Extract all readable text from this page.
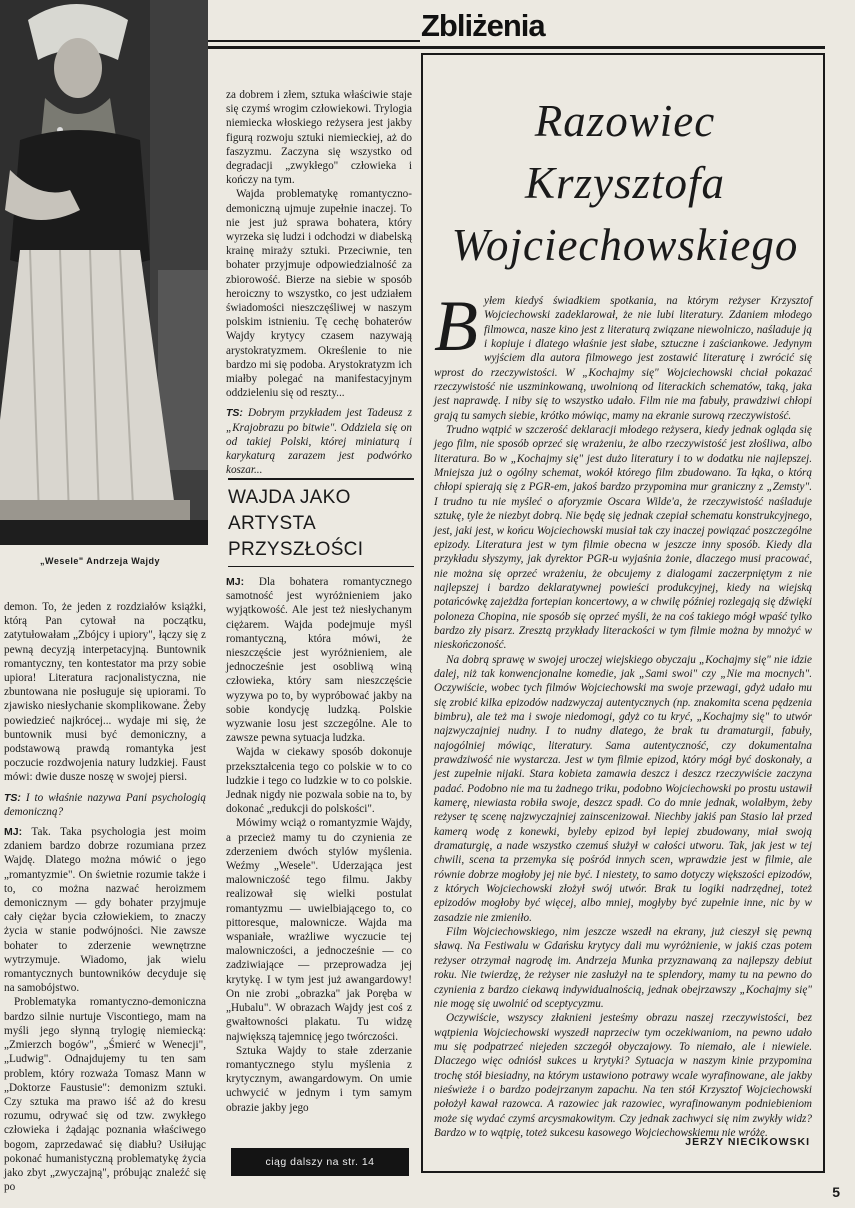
„Wesele" Andrzeja Wajdy
Zbliżenia

demon. To, że jeden z rozdziałów książki, którą Pan cytował na początku, zatytułowałam „Zbójcy i upiory", łączy się z pewną decyzją interpetacyjną. Buntownik romantyczny, ten kontestator ma przy sobie upiora! Literatura racjonalistyczna, nie zbuntowana nie posługuje się upiorami. To zjawisko niesłychanie skomplikowane. Żeby powiedzieć najkrócej... wydaje mi się, że buntownik musi być demoniczny, a podstawową prawdą romantyka jest poczucie rozdwojenia natury ludzkiej. Faust mówi: dwie dusze noszę w swojej piersi.

TS: I to właśnie nazywa Pani psychologią demoniczną?

MJ: Tak. Taka psychologia jest moim zdaniem bardzo dobrze rozumiana przez Wajdę. Dlatego można mówić o jego „romantyzmie". On świetnie rozumie także i to, co można nazwać heroizmem demonicznym — gdy bohater przyjmuje cały ciężar bycia człowiekiem, to znaczy życia w stanie podwójności. Nie zawsze bohater to zderzenie wewnętrzne wytrzymuje. Wiadomo, jak wielu romantycznych buntowników decyduje się na samobójstwo.

Problematyka romantyczno-demoniczna bardzo silnie nurtuje Viscontiego, mam na myśli jego słynną trylogię niemiecką: „Zmierzch bogów", „Śmierć w Wenecji", „Ludwig". Odnajdujemy tu ten sam problem, który rozważa Tomasz Mann w „Doktorze Faustusie": demonizm sztuki. Czy sztuka ma prawo iść aż do kresu rozumu, odrywać się od tzw. zwykłego człowieka i żądając poznania właściwego bogom, zaprzedawać się diabłu? Usiłując pokonać humanistyczną problematykę życia jako zbyt „zwyczajną", próbując znaleźć się po

za dobrem i złem, sztuka właściwie staje się czymś wrogim człowiekowi. Trylogia niemiecka włoskiego reżysera jest jakby figurą rozwoju sztuki niemieckiej, aż do faszyzmu. Zaczyna się wszystko od degradacji „zwykłego" człowieka i kończy na tym.

Wajda problematykę romantyczno-demoniczną ujmuje zupełnie inaczej. To nie jest już sprawa bohatera, który wyrzeka się ludzi i odchodzi w diabelską krainę miraży sztuki. Przeciwnie, ten bohater przyjmuje odpowiedzialność za zbiorowość. Bierze na siebie w sposób heroiczny to wszystko, co jest udziałem świadomości nieszczęśliwej w naszym polskim istnieniu. Tę cechę bohaterów Wajdy krytycy czasem nazywają arystokratyzmem. Określenie to nie bardzo mi się podoba. Arystokratyzm ich miałby polegać na manifestacyjnym oddzieleniu się od reszty...

TS: Dobrym przykładem jest Tadeusz z „Krajobrazu po bitwie". Oddziela się on od takiej Polski, której miniaturą i karykaturą zarazem jest podwórko koszar...

WAJDA JAKO
ARTYSTA
PRZYSZŁOŚCI

MJ: Dla bohatera romantycznego samotność jest wyróżnieniem jako wyjątkowość. Ale jest też niesłychanym ciężarem. Wajda podejmuje myśl romantyczną, która mówi, że nieszczęście jest wyróżnieniem, ale jednocześnie jest osobliwą winą człowieka, który sam nieszczęście wyzywa po to, by wypróbować jakby na sobie kondycję ludzką. Polskie wyzwanie losu jest szczególne. Ale to zawsze pewna sytuacja ludzka.

Wajda w ciekawy sposób dokonuje przekształcenia tego co polskie w to co ludzkie i tego co ludzkie w to co polskie. Jednak nigdy nie pozwala sobie na to, by dokonać „redukcji do polskości".

Mówimy wciąż o romantyzmie Wajdy, a przecież mamy tu do czynienia ze zderzeniem dwóch stylów myślenia. Weźmy „Wesele". Uderzająca jest malowniczość tego filmu. Jakby realizował się wielki postulat romantyzmu — uwielbiającego to, co pittoresque, malownicze. Wajda ma wspaniałe, wrażliwe wyczucie tej malowniczości, a jednocześnie — co zadziwiające — przeprowadza jej krytykę. I w tym jest już awangardowy! On nie zrobi „obrazka" jak Poręba w „Hubalu". W obrazach Wajdy jest coś z gwałtowności plakatu. Tu widzę największą tajemnicę jego twórczości.

Sztuka Wajdy to stałe zderzanie romantycznego stylu myślenia z krytycznym, awangardowym. On umie uchwycić w jednym i tym samym obrazie jakby jego

ciąg dalszy na str. 14
Razowiec
Krzysztofa
Wojciechowskiego

B yłem kiedyś świadkiem spotkania, na którym reżyser Krzysztof Wojciechowski zadeklarował, że nie lubi literatury. Zdaniem młodego filmowca, nasze kino jest z literaturą związane niewolniczo, naśladuje ją i kopiuje i dlatego właśnie jest słabe, sztuczne i zaściankowe. Jedynym wyjściem dla autora filmowego jest zostawić literaturę i zwrócić się wprost do rzeczywistości. W „Kochajmy się" Wojciechowski chciał pokazać rzeczywistość nie uszminkowaną, uwolnioną od literackich schematów, taką, jaka jest naprawdę. I niby się to wszystko udało. Film nie ma fabuły, prawdziwi chłopi grają tu samych siebie, krótko mówiąc, mamy na ekranie surową rzeczywistość.

Trudno wątpić w szczerość deklaracji młodego reżysera, kiedy jednak ogląda się jego film, nie sposób oprzeć się wrażeniu, że albo rzeczywistość jest złośliwa, albo literatura. Bo w „Kochajmy się" jest dużo literatury i to w dodatku nie najlepszej. Mniejsza już o ogólny schemat, wokół którego film zbudowano. Ta łąka, o którą chłopi spierają się z PGR-em, jakoś bardzo przypomina mur graniczny z „Zemsty". I trudno tu nie myśleć o aforyzmie Oscara Wilde'a, że rzeczywistość naśladuje sztukę, tyle że niezbyt dobrą. Nie będę się jednak czepiał schematu konstrukcyjnego, jest, jaki jest, w końcu Wojciechowski musiał tak czy inaczej powiązać poszczególne epizody. Literatura jest w tym filmie obecna w jeszcze inny sposób. Kiedy dla przykładu słyszymy, jak dyrektor PGR-u wyjaśnia żonie, dlaczego musi pracować, nie można się oprzeć wrażeniu, że obcujemy z dialogami zaczerpniętym z nie najlepszej i bardzo deklaratywnej powieści produkcyjnej, kiedy na wiejską potańcówkę zajeżdża fortepian koncertowy, a w chwilę później rozlegają się dźwięki poloneza Chopina, nie sposób się oprzeć myśli, że na coś takiego mógł wpaść tylko bardzo zły pisarz. Zresztą przykłady literackości w tym filmie można by mnożyć w nieskończoność.

Na dobrą sprawę w swojej uroczej wiejskiego obyczaju „Kochajmy się" nie idzie dalej, niż tak konwencjonalne komedie, jak „Sami swoi" czy „Nie ma mocnych". Oczywiście, wobec tych filmów Wojciechowski ma swoje przewagi, gdyż udało mu się zrobić kilka epizodów nadzwyczaj autentycznych (np. znakomita scena pędzenia bimbru), ale też ma i swoje niedomogi, gdyż co tu kryć, „Kochajmy się" to utwór najzwyczajniej nudny. I to nudny dlatego, że brak tu dramaturgii, fabuły, najogólniej mówiąc, literatury. Sama autentyczność, czy dokumentalna prawdziwość nie wystarcza. Jest w tym filmie epizod, który mógł być doskonały, a jest zupełnie nijaki. Stara kobieta zamawia deszcz i deszcz rzeczywiście zaczyna padać. Podobno nie ma tu żadnego triku, podobno Wojciechowski po prostu ustawił kamerę, niewiasta robiła swoje, deszcz spadł. Co do mnie jednak, wolałbym, żeby reżyser tę scenę najzwyczajniej zainscenizował. Niechby jakiś pan Stasio lał przed kamerą wodę z konewki, byleby epizod był lepiej zbudowany, miał swoją dramaturgię, a nade wszystko czemuś służył w całości utworu. Tak, jak jest w tej chwili, scena ta przemyka się pośród innych scen, wprawdzie jest w filmie, ale równie dobrze mogłoby jej nie być. I niestety, to samo dotyczy większości epizodów, z których Wojciechowski złożył swój utwór. Brak tu logiki nadrzędnej, toteż epizodów mogłoby być więcej, albo mniej, mogłyby być zupełnie inne, nic by w zasadzie nie zmieniło.

Film Wojciechowskiego, nim jeszcze wszedł na ekrany, już cieszył się pewną sławą. Na Festiwalu w Gdańsku krytycy dali mu wyróżnienie, w jakiś czas potem reżyser otrzymał nagrodę im. Andrzeja Munka przyznawaną za najlepszy debiut roku. Nie twierdzę, że reżyser nie zasłużył na te splendory, mamy tu na pewno do czynienia z bardzo ciekawą indywidualnością, jednak obejrzawszy „Kochajmy się" nie mogę się uwolnić od sceptycyzmu.

Oczywiście, wszyscy złaknieni jesteśmy obrazu naszej rzeczywistości, bez wątpienia Wojciechowski wyszedł naprzeciw tym oczekiwaniom, na pewno udało mu się podpatrzeć niejeden szczegół obyczajowy. To niemało, ale i niewiele. Dlaczego więc odniósł sukces u krytyki? Sytuacja w naszym kinie przypomina trochę stół biesiadny, na którym ustawiono potrawy wcale wyrafinowane, ale jakby nieświeże i o bardzo podejrzanym zapachu. Na ten stół Krzysztof Wojciechowski położył kawał razowca. A razowiec jak razowiec, wyrafinowanym podniebieniom może się wydać czymś arcysmakowitym. Czy jednak zachwyci się nim zwykły widz? Bardzo w to wątpię, toteż sukcesu kasowego Wojciechowskiemu nie wróżę.

JERZY NIECIKOWSKI
5
